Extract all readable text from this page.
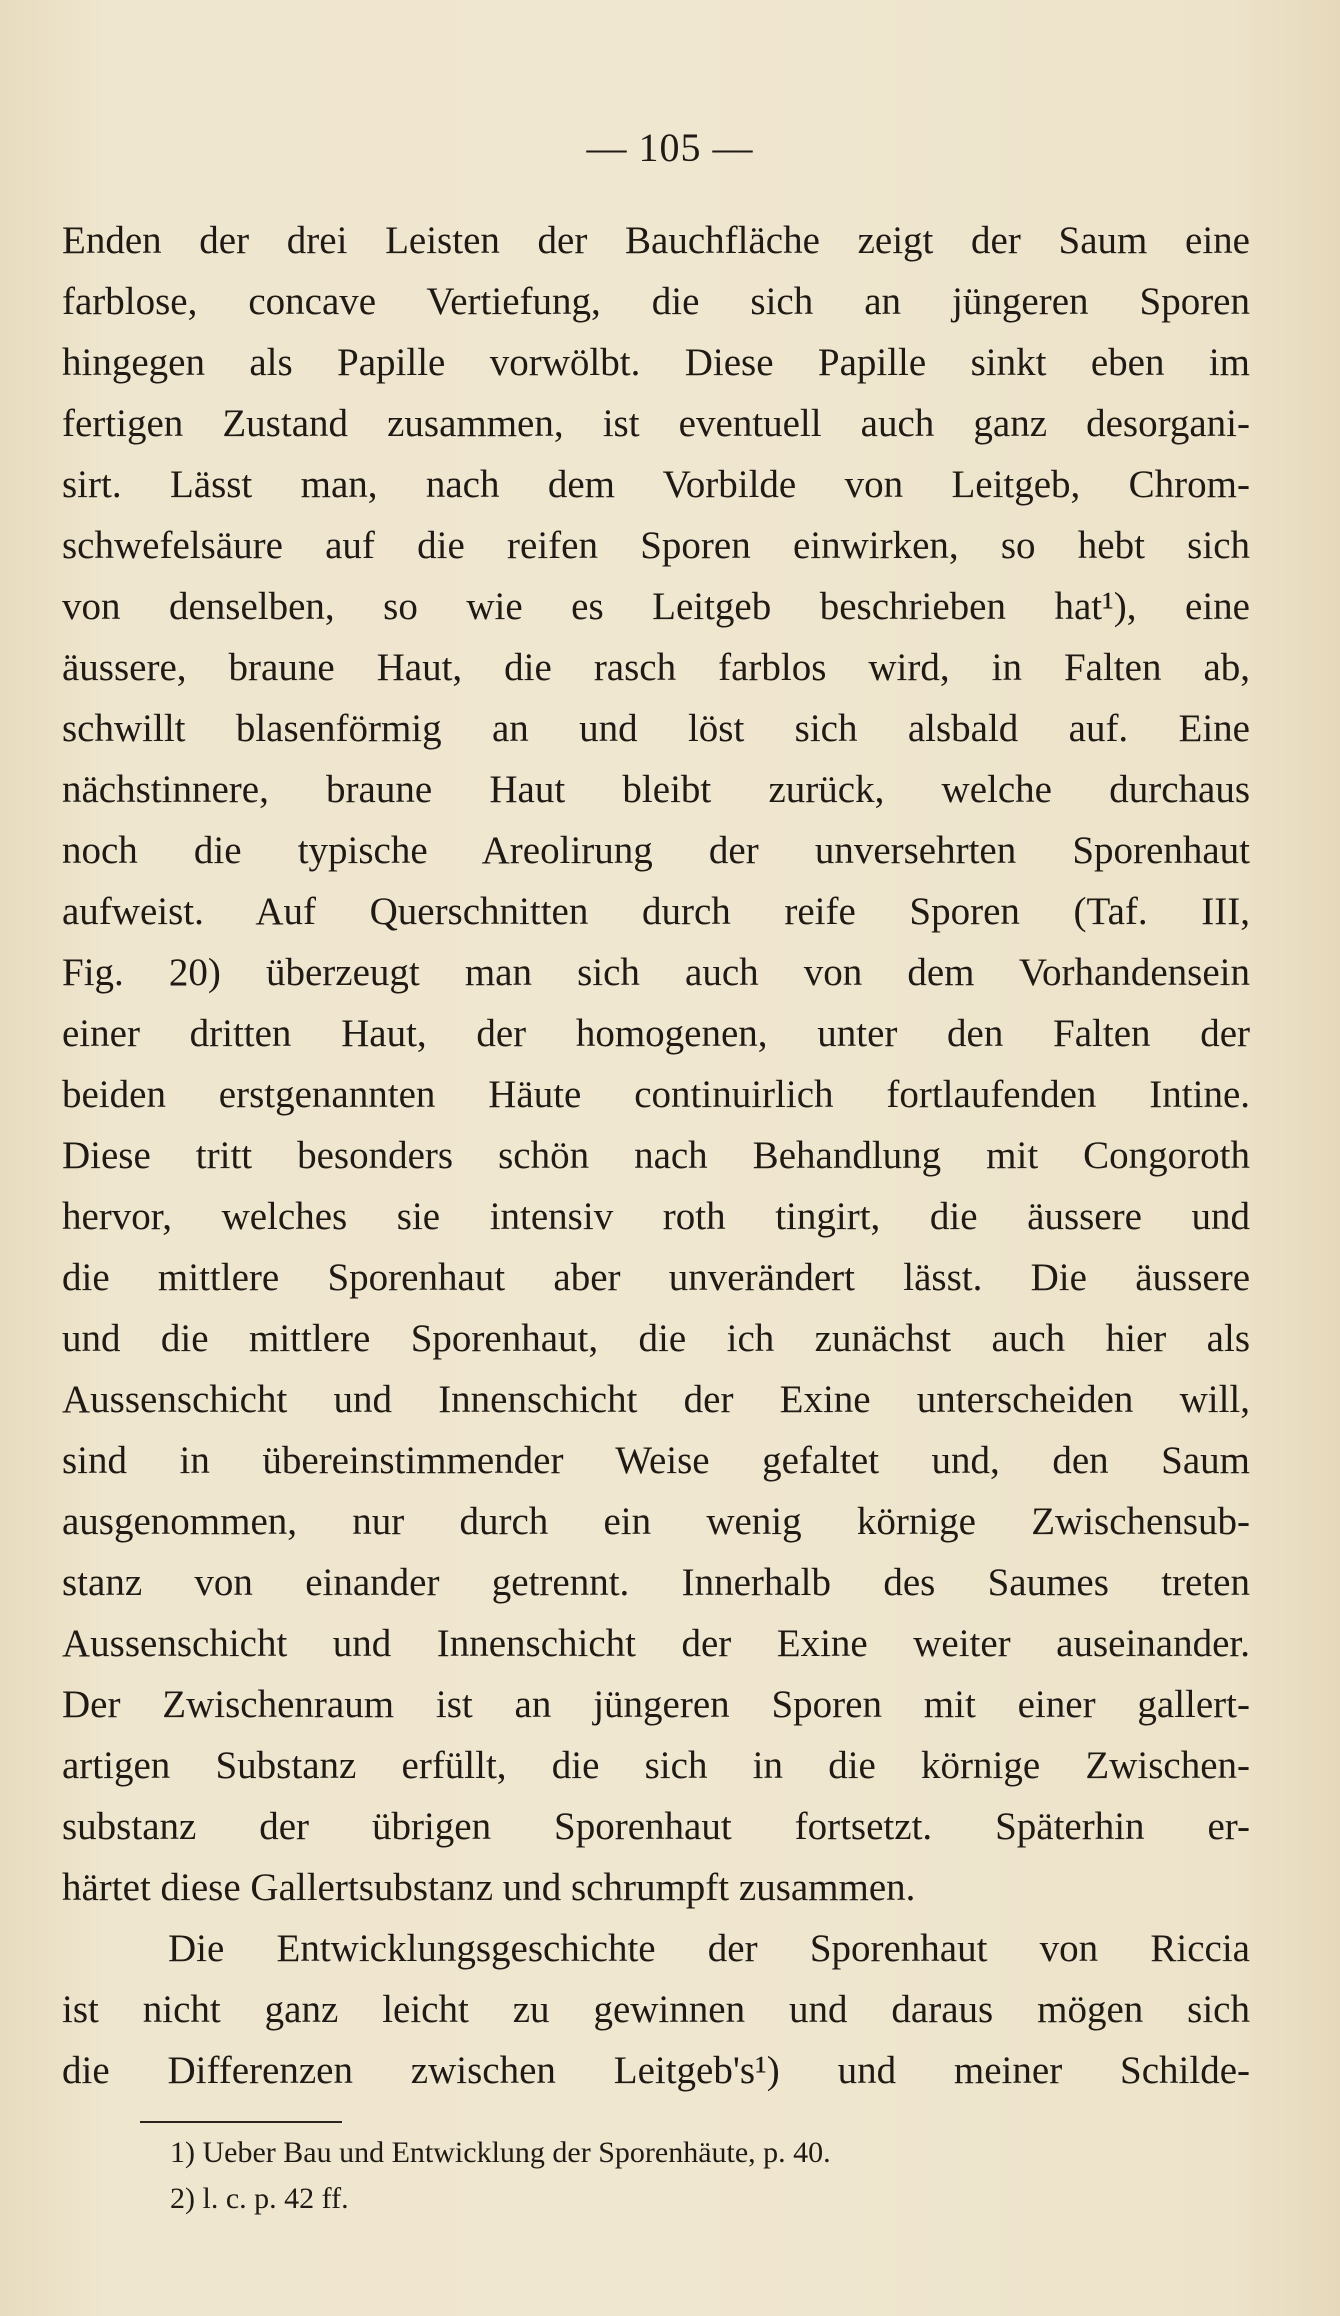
— 105 —
Enden der drei Leisten der Bauchfläche zeigt der Saum eine
farblose, concave Vertiefung, die sich an jüngeren Sporen
hingegen als Papille vorwölbt. Diese Papille sinkt eben im
fertigen Zustand zusammen, ist eventuell auch ganz desorgani-
sirt. Lässt man, nach dem Vorbilde von Leitgeb, Chrom-
schwefelsäure auf die reifen Sporen einwirken, so hebt sich
von denselben, so wie es Leitgeb beschrieben hat¹), eine
äussere, braune Haut, die rasch farblos wird, in Falten ab,
schwillt blasenförmig an und löst sich alsbald auf. Eine
nächstinnere, braune Haut bleibt zurück, welche durchaus
noch die typische Areolirung der unversehrten Sporenhaut
aufweist. Auf Querschnitten durch reife Sporen (Taf. III,
Fig. 20) überzeugt man sich auch von dem Vorhandensein
einer dritten Haut, der homogenen, unter den Falten der
beiden erstgenannten Häute continuirlich fortlaufenden Intine.
Diese tritt besonders schön nach Behandlung mit Congoroth
hervor, welches sie intensiv roth tingirt, die äussere und
die mittlere Sporenhaut aber unverändert lässt. Die äussere
und die mittlere Sporenhaut, die ich zunächst auch hier als
Aussenschicht und Innenschicht der Exine unterscheiden will,
sind in übereinstimmender Weise gefaltet und, den Saum
ausgenommen, nur durch ein wenig körnige Zwischensub-
stanz von einander getrennt. Innerhalb des Saumes treten
Aussenschicht und Innenschicht der Exine weiter auseinander.
Der Zwischenraum ist an jüngeren Sporen mit einer gallert-
artigen Substanz erfüllt, die sich in die körnige Zwischen-
substanz der übrigen Sporenhaut fortsetzt. Späterhin er-
härtet diese Gallertsubstanz und schrumpft zusammen.
Die Entwicklungsgeschichte der Sporenhaut von Riccia
ist nicht ganz leicht zu gewinnen und daraus mögen sich
die Differenzen zwischen Leitgeb's¹) und meiner Schilde-
1) Ueber Bau und Entwicklung der Sporenhäute, p. 40.
2) l. c. p. 42 ff.
